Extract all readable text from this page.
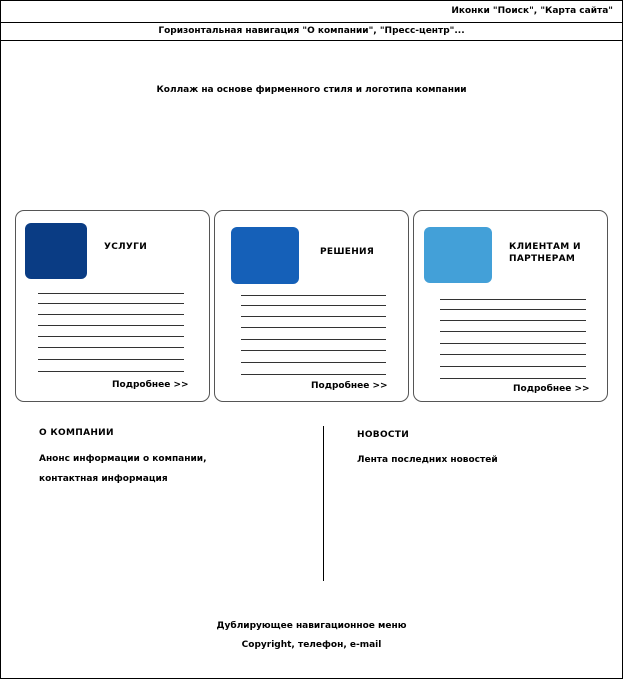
Иконки "Поиск", "Карта сайта"
Горизонтальная навигация "О компании", "Пресс-центр"...
Коллаж на основе фирменного стиля и логотипа компании
УСЛУГИ
Подробнее >>
РЕШЕНИЯ
Подробнее >>
КЛИЕНТАМ И ПАРТНЕРАМ
Подробнее >>
О КОМПАНИИ
Анонс информации о компании,
контактная информация
НОВОСТИ
Лента последних новостей
Дублирующее навигационное меню
Copyright, телефон, e-mail
